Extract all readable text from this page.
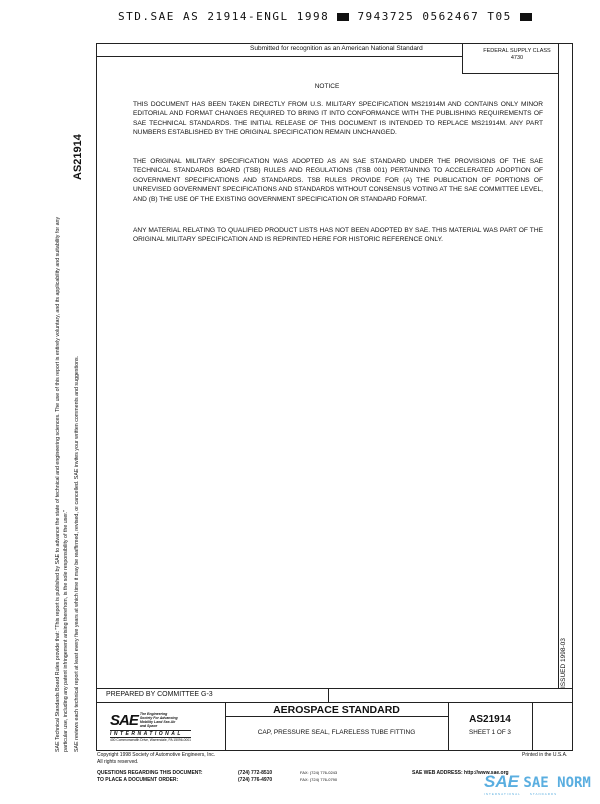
STD.SAE AS 21914-ENGL 1998	7943725 0562467 T05
Submitted for recognition as an American National Standard	FEDERAL SUPPLY CLASS
4730
NOTICE
THIS DOCUMENT HAS BEEN TAKEN DIRECTLY FROM U.S. MILITARY SPECIFICATION MS21914M AND CONTAINS ONLY MINOR EDITORIAL AND FORMAT CHANGES REQUIRED TO BRING IT INTO CONFORMANCE WITH THE PUBLISHING REQUIREMENTS OF SAE TECHNICAL STANDARDS. THE INITIAL RELEASE OF THIS DOCUMENT IS INTENDED TO REPLACE MS21914M. ANY PART NUMBERS ESTABLISHED BY THE ORIGINAL SPECIFICATION REMAIN UNCHANGED.
THE ORIGINAL MILITARY SPECIFICATION WAS ADOPTED AS AN SAE STANDARD UNDER THE PROVISIONS OF THE SAE TECHNICAL STANDARDS BOARD (TSB) RULES AND REGULATIONS (TSB 001) PERTAINING TO ACCELERATED ADOPTION OF GOVERNMENT SPECIFICATIONS AND STANDARDS. TSB RULES PROVIDE FOR (A) THE PUBLICATION OF PORTIONS OF UNREVISED GOVERNMENT SPECIFICATIONS AND STANDARDS WITHOUT CONSENSUS VOTING AT THE SAE COMMITTEE LEVEL, AND (B) THE USE OF THE EXISTING GOVERNMENT SPECIFICATION OR STANDARD FORMAT.
ANY MATERIAL RELATING TO QUALIFIED PRODUCT LISTS HAS NOT BEEN ADOPTED BY SAE. THIS MATERIAL WAS PART OF THE ORIGINAL MILITARY SPECIFICATION AND IS REPRINTED HERE FOR HISTORIC REFERENCE ONLY.
AS21914
SAE Technical Standards Board Rules provide that: "This report is published by SAE to advance the state of technical and engineering sciences. The use of this report is entirely voluntary, and its applicability and suitability for any particular use, including any patent infringement arising therefrom, is the sole responsibility of the user." SAE reviews each technical report at least every five years at which time it may be reaffirmed, revised, or cancelled. SAE invites your written comments and suggestions.	ISSUED 1998-03
PREPARED BY COMMITTEE G-3
SAE The Engineering Society For Advancing Mobility Land Sea Air and Space
INTERNATIONAL
400 Commonwealth Drive, Warrendale, PA 15096-0001
AEROSPACE STANDARD
CAP, PRESSURE SEAL, FLARELESS TUBE FITTING
AS21914
SHEET 1 OF 3
Copyright 1998 Society of Automotive Engineers, Inc.
All rights reserved.
Printed in the U.S.A.
QUESTIONS REGARDING THIS DOCUMENT:
TO PLACE A DOCUMENT ORDER:
(724) 772-8510
(724) 776-4970
FAX: (724) 776-0243
FAX: (724) 776-0790
SAE WEB ADDRESS: http://www.sae.org
SAE SAE NORM
INTERNATIONAL	STANDARDS
